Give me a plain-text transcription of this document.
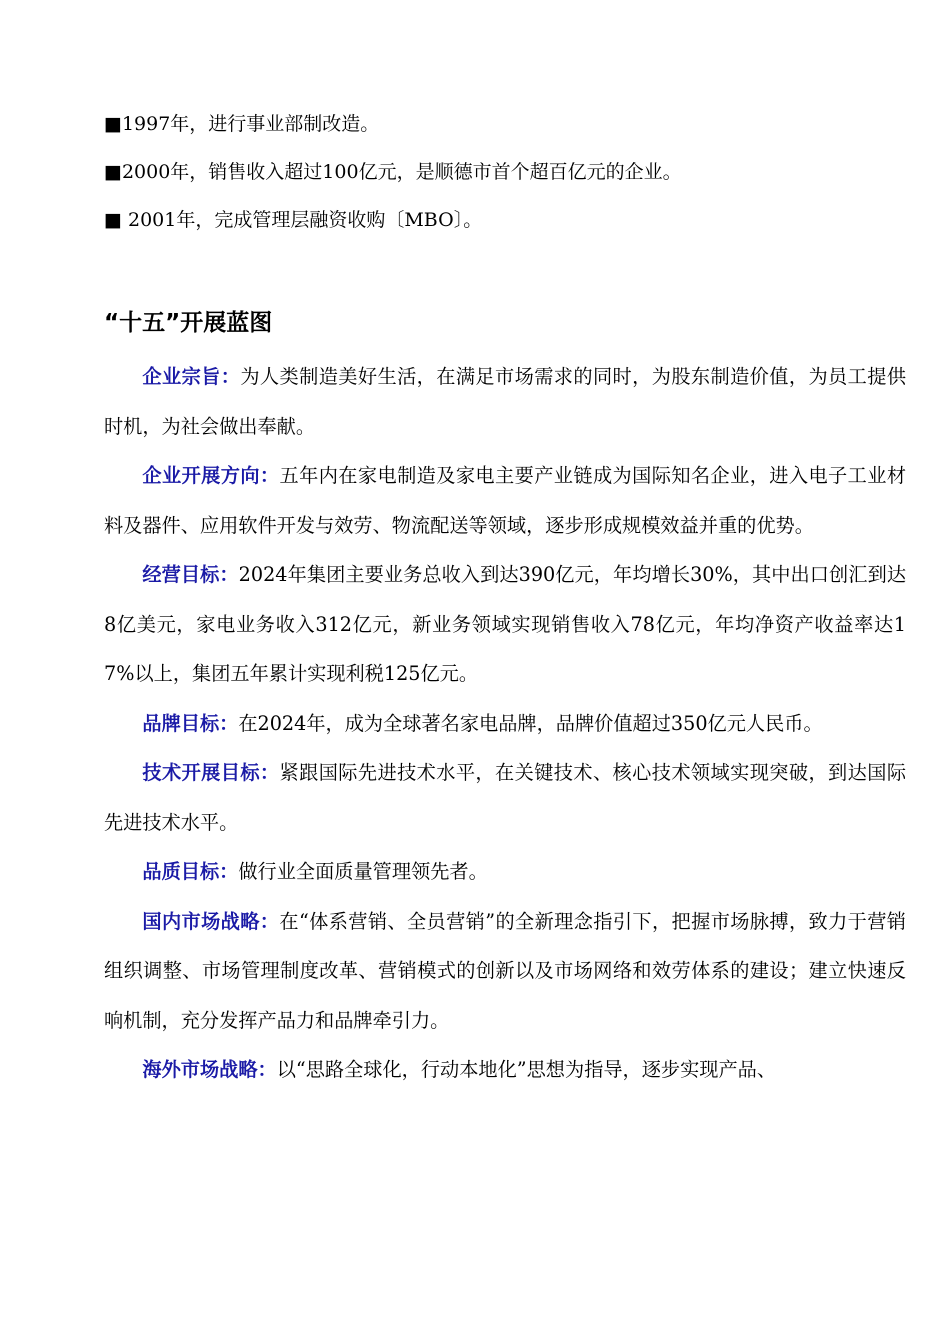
■1997年，进行事业部制改造。
■2000年，销售收入超过100亿元，是顺德市首个超百亿元的企业。
■ 2001年，完成管理层融资收购〔MBO〕。
“十五”开展蓝图

企业宗旨：为人类制造美好生活，在满足市场需求的同时，为股东制造价值，为员工提供时机，为社会做出奉献。

企业开展方向：五年内在家电制造及家电主要产业链成为国际知名企业，进入电子工业材料及器件、应用软件开发与效劳、物流配送等领域，逐步形成规模效益并重的优势。

经营目标：2024年集团主要业务总收入到达390亿元，年均增长30%，其中出口创汇到达8亿美元，家电业务收入312亿元，新业务领域实现销售收入78亿元，年均净资产收益率达17%以上，集团五年累计实现利税125亿元。

品牌目标：在2024年，成为全球著名家电品牌，品牌价值超过350亿元人民币。

技术开展目标：紧跟国际先进技术水平，在关键技术、核心技术领域实现突破，到达国际先进技术水平。

品质目标：做行业全面质量管理领先者。

国内市场战略：在“体系营销、全员营销”的全新理念指引下，把握市场脉搏，致力于营销组织调整、市场管理制度改革、营销模式的创新以及市场网络和效劳体系的建设；建立快速反响机制，充分发挥产品力和品牌牵引力。

海外市场战略：以“思路全球化，行动本地化”思想为指导，逐步实现产品、
